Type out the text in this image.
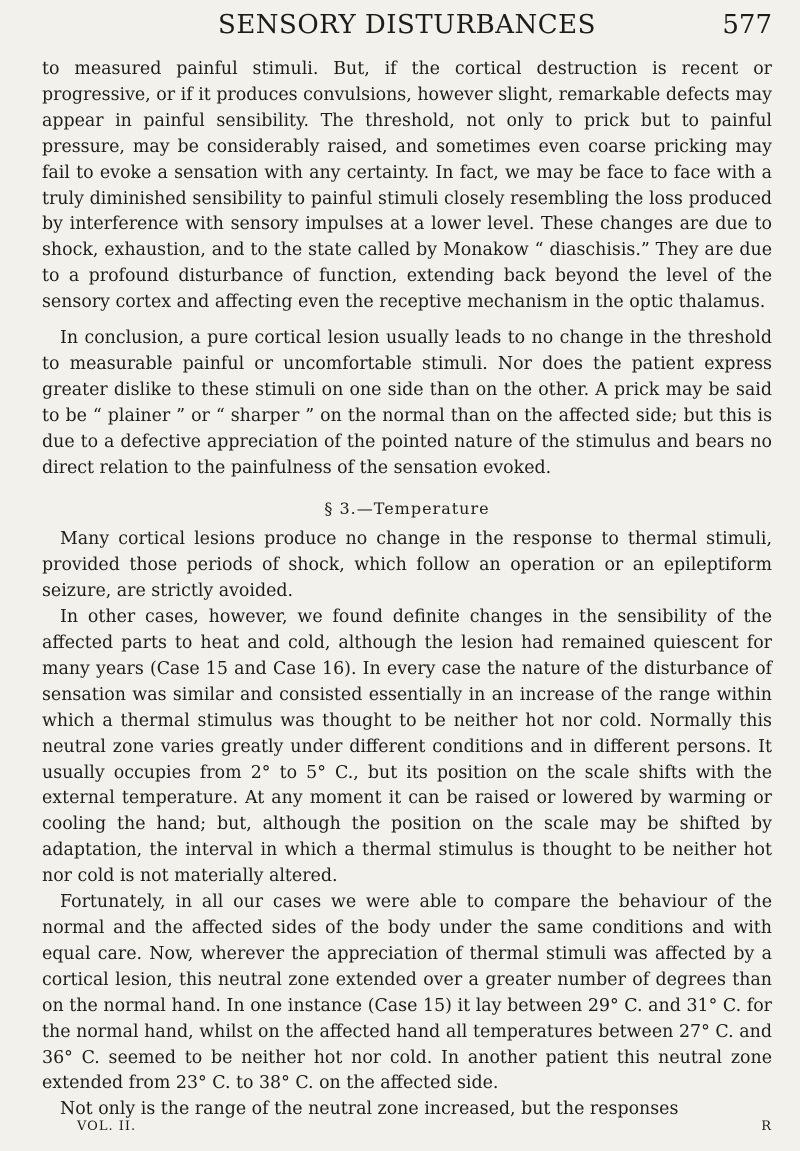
SENSORY DISTURBANCES	577

to measured painful stimuli. But, if the cortical destruction is recent or progressive, or if it produces convulsions, however slight, remarkable defects may appear in painful sensibility. The threshold, not only to prick but to painful pressure, may be considerably raised, and sometimes even coarse pricking may fail to evoke a sensation with any certainty. In fact, we may be face to face with a truly diminished sensibility to painful stimuli closely resembling the loss produced by interference with sensory impulses at a lower level. These changes are due to shock, exhaustion, and to the state called by Monakow “ diaschisis.” They are due to a profound disturbance of function, extending back beyond the level of the sensory cortex and affecting even the receptive mechanism in the optic thalamus.

In conclusion, a pure cortical lesion usually leads to no change in the threshold to measurable painful or uncomfortable stimuli. Nor does the patient express greater dislike to these stimuli on one side than on the other. A prick may be said to be “ plainer ” or “ sharper ” on the normal than on the affected side; but this is due to a defective appreciation of the pointed nature of the stimulus and bears no direct relation to the painfulness of the sensation evoked.

§ 3.—Temperature

Many cortical lesions produce no change in the response to thermal stimuli, provided those periods of shock, which follow an operation or an epileptiform seizure, are strictly avoided.

In other cases, however, we found definite changes in the sensibility of the affected parts to heat and cold, although the lesion had remained quiescent for many years (Case 15 and Case 16). In every case the nature of the disturbance of sensation was similar and consisted essentially in an increase of the range within which a thermal stimulus was thought to be neither hot nor cold. Normally this neutral zone varies greatly under different conditions and in different persons. It usually occupies from 2° to 5° C., but its position on the scale shifts with the external temperature. At any moment it can be raised or lowered by warming or cooling the hand; but, although the position on the scale may be shifted by adaptation, the interval in which a thermal stimulus is thought to be neither hot nor cold is not materially altered.

Fortunately, in all our cases we were able to compare the behaviour of the normal and the affected sides of the body under the same conditions and with equal care. Now, wherever the appreciation of thermal stimuli was affected by a cortical lesion, this neutral zone extended over a greater number of degrees than on the normal hand. In one instance (Case 15) it lay between 29° C. and 31° C. for the normal hand, whilst on the affected hand all temperatures between 27° C. and 36° C. seemed to be neither hot nor cold. In another patient this neutral zone extended from 23° C. to 38° C. on the affected side.

Not only is the range of the neutral zone increased, but the responses

VOL. II.	R
